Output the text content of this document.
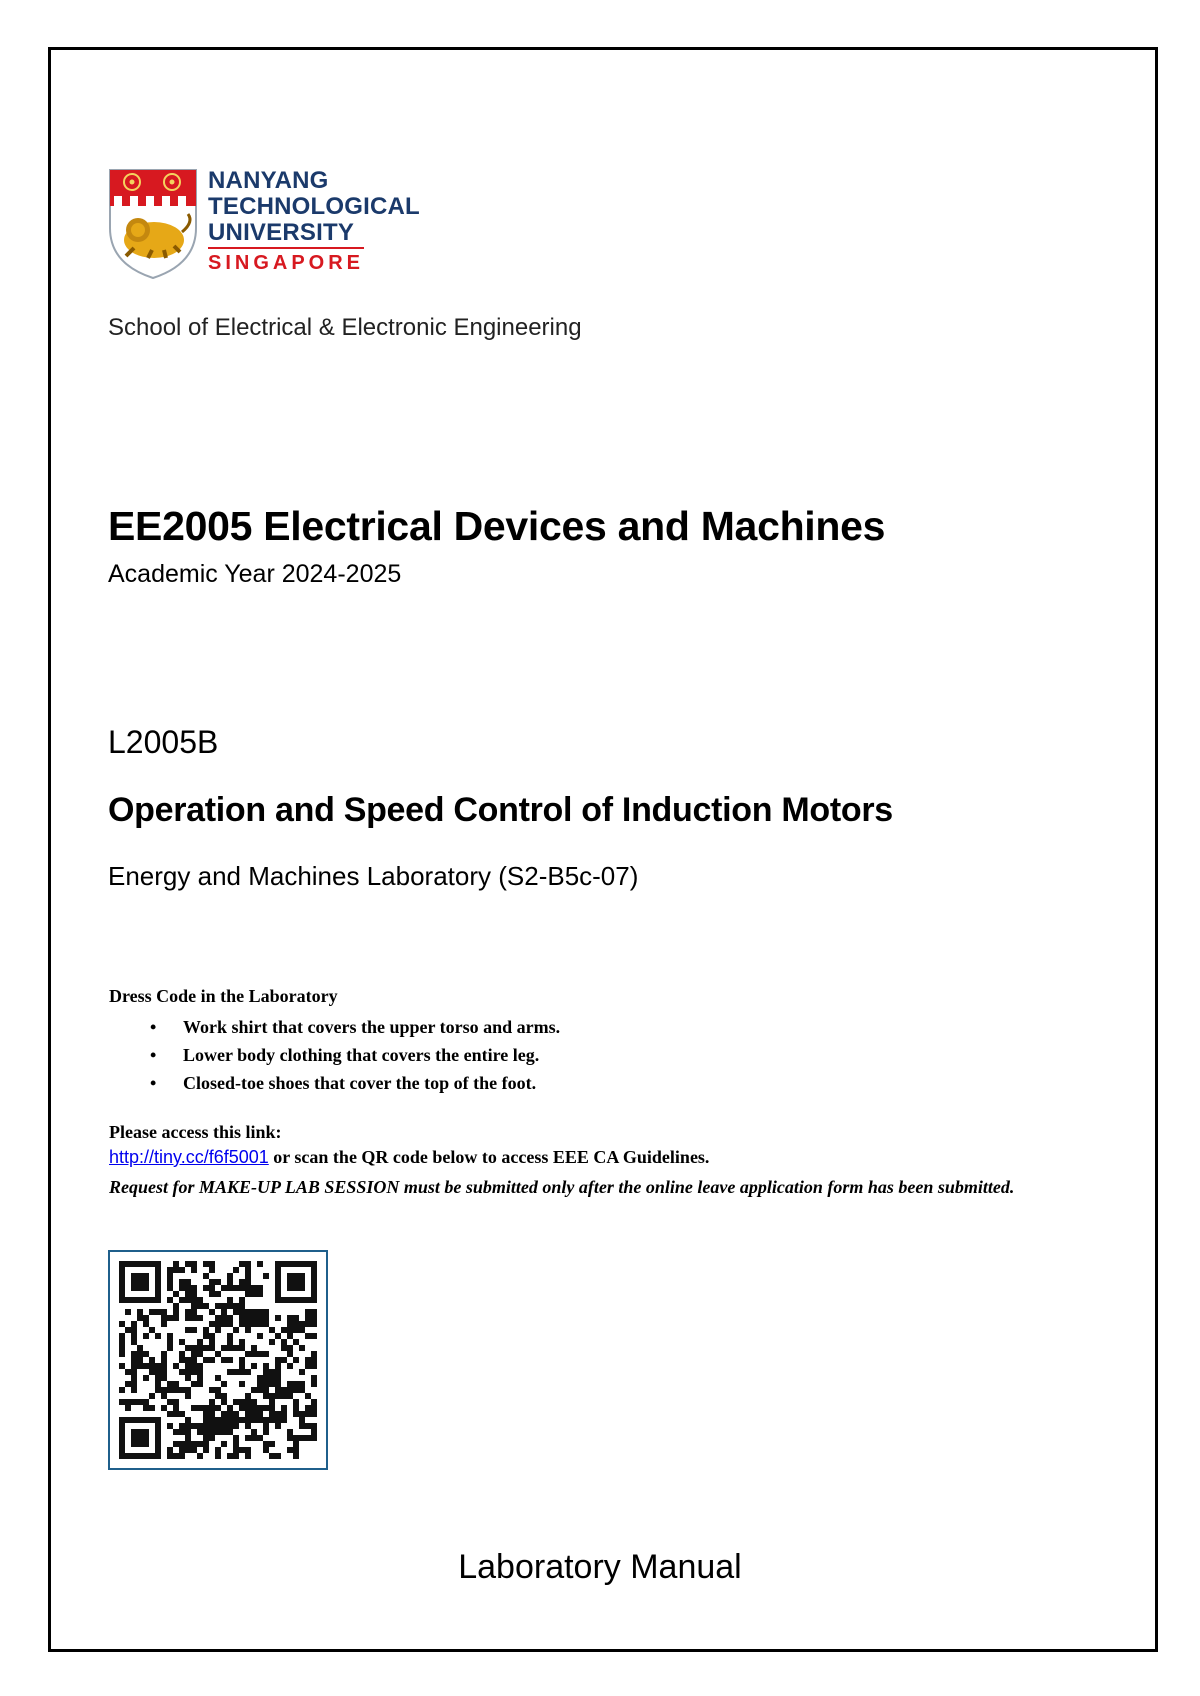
NANYANG
TECHNOLOGICAL
UNIVERSITY
SINGAPORE
School of Electrical & Electronic Engineering
EE2005 Electrical Devices and Machines
Academic Year 2024-2025
L2005B
Operation and Speed Control of Induction Motors
Energy and Machines Laboratory (S2-B5c-07)
Dress Code in the Laboratory
• Work shirt that covers the upper torso and arms.
• Lower body clothing that covers the entire leg.
• Closed-toe shoes that cover the top of the foot.
Please access this link:
http://tiny.cc/f6f5001 or scan the QR code below to access EEE CA Guidelines.
Request for MAKE-UP LAB SESSION must be submitted only after the online leave application form has been submitted.
Laboratory Manual
